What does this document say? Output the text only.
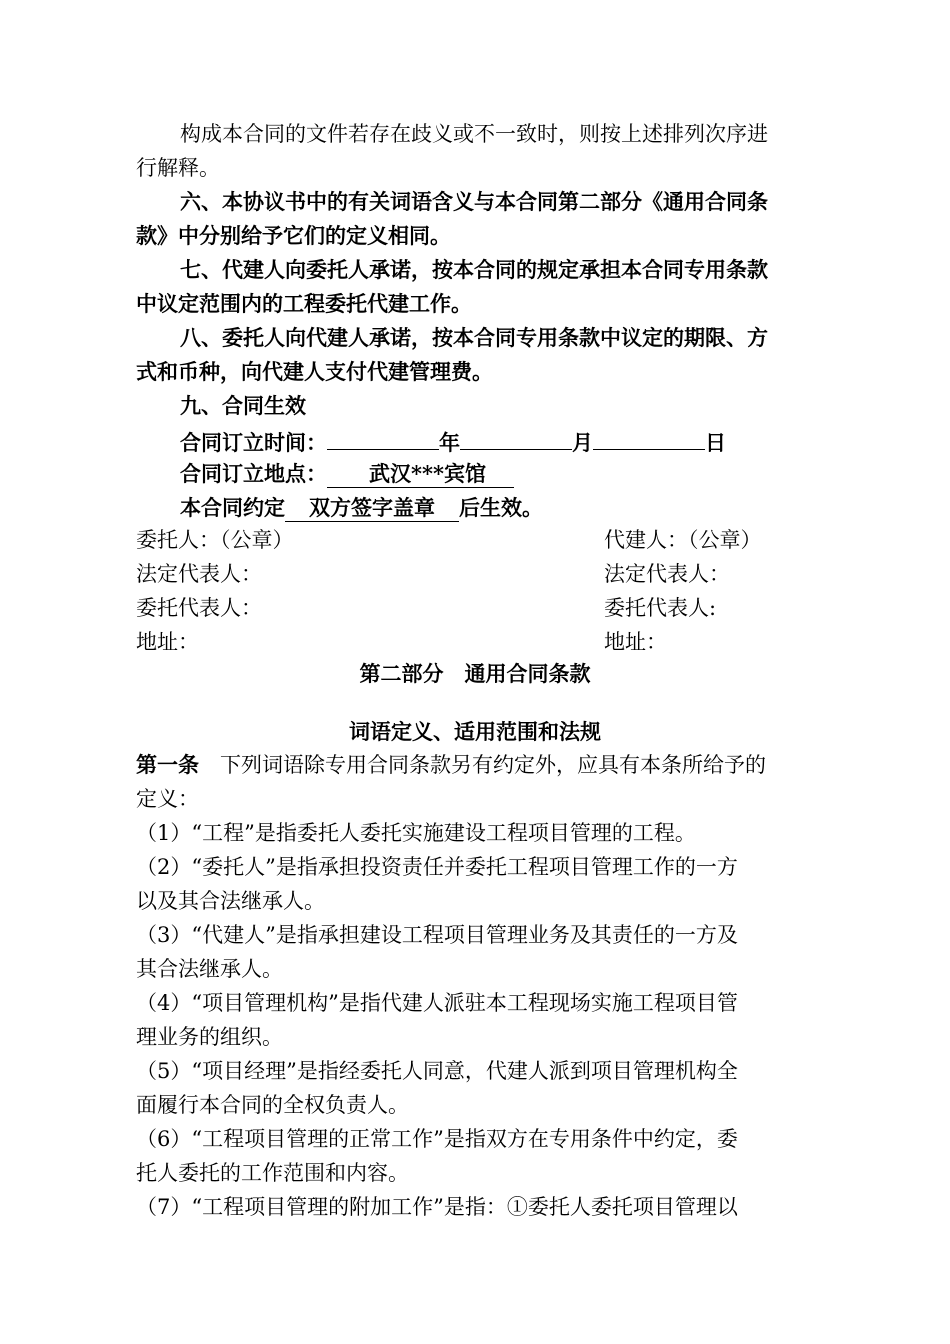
构成本合同的文件若存在歧义或不一致时，则按上述排列次序进
行解释。
六、本协议书中的有关词语含义与本合同第二部分《通用合同条
款》中分别给予它们的定义相同。
七、代建人向委托人承诺，按本合同的规定承担本合同专用条款
中议定范围内的工程委托代建工作。
八、委托人向代建人承诺，按本合同专用条款中议定的期限、方
式和币种，向代建人支付代建管理费。
九、合同生效
合同订立时间：	年	月	日
合同订立地点： 武汉***宾馆
本合同约定 双方签字盖章 后生效。
委托人：（公章）	代建人：（公章）
法定代表人：	法定代表人：
委托代表人：	委托代表人:
地址：	地址：
第二部分　通用合同条款
词语定义、适用范围和法规
第一条　下列词语除专用合同条款另有约定外，应具有本条所给予的
定义：
（1）“工程”是指委托人委托实施建设工程项目管理的工程。
（2）“委托人”是指承担投资责任并委托工程项目管理工作的一方
以及其合法继承人。
（3）“代建人”是指承担建设工程项目管理业务及其责任的一方及
其合法继承人。
（4）“项目管理机构”是指代建人派驻本工程现场实施工程项目管
理业务的组织。
（5）“项目经理”是指经委托人同意，代建人派到项目管理机构全
面履行本合同的全权负责人。
（6）“工程项目管理的正常工作”是指双方在专用条件中约定，委
托人委托的工作范围和内容。
（7）“工程项目管理的附加工作”是指：①委托人委托项目管理以
